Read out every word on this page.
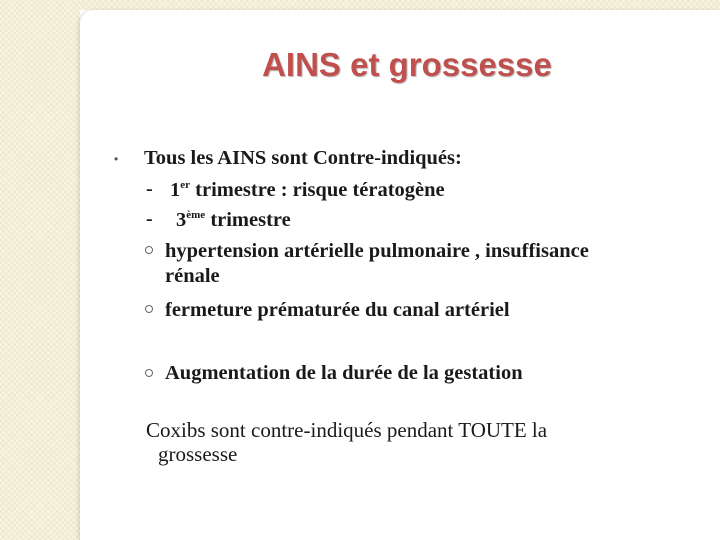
AINS et grossesse
• Tous les AINS sont Contre-indiqués:
- 1er trimestre : risque tératogène
- 3ème trimestre
hypertension artérielle pulmonaire , insuffisance
rénale
fermeture prématurée du canal artériel
Augmentation de la durée de la gestation
Coxibs sont contre-indiqués pendant TOUTE la grossesse
